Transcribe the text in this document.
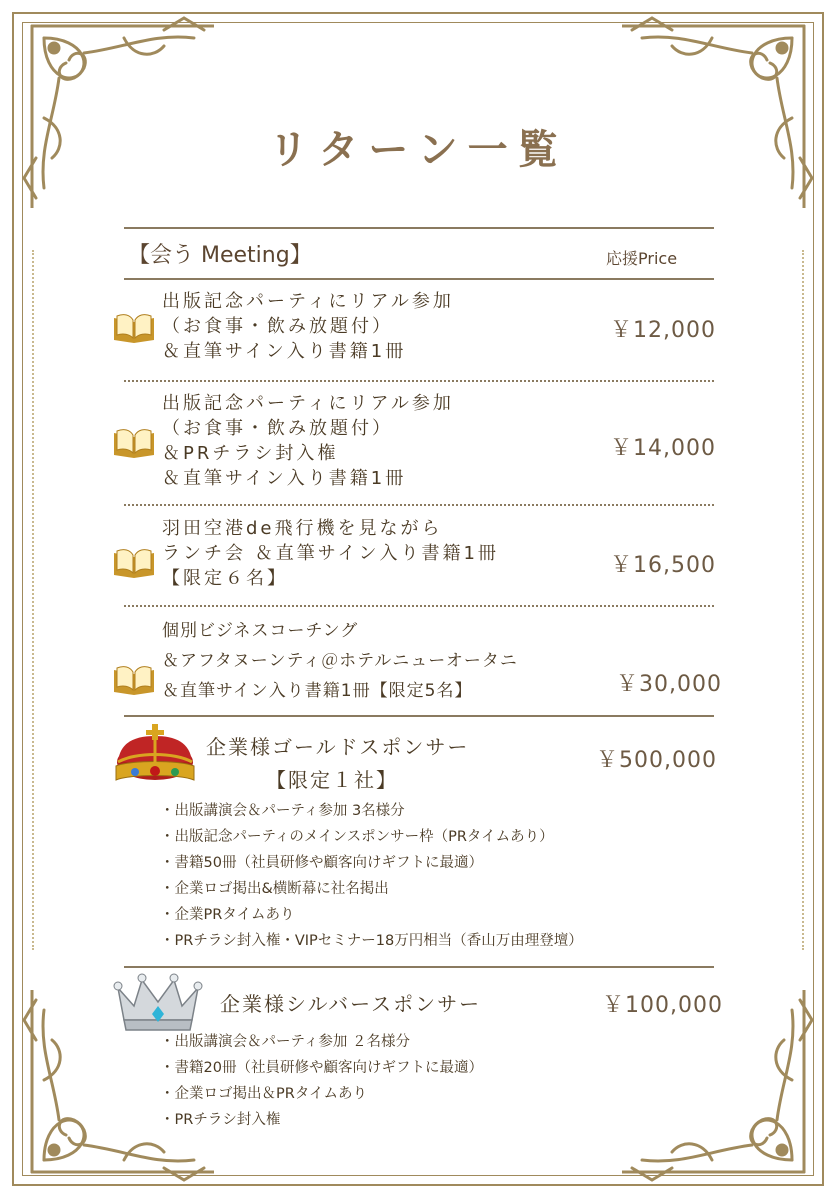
リターン一覧
【会う Meeting】	応援Price
出版記念パーティにリアル参加
（お食事・飲み放題付）
＆直筆サイン入り書籍1冊
￥12,000
出版記念パーティにリアル参加
（お食事・飲み放題付）
＆PRチラシ封入権
＆直筆サイン入り書籍1冊
￥14,000
羽田空港de飛行機を見ながら
ランチ会 ＆直筆サイン入り書籍1冊
【限定６名】
￥16,500
個別ビジネスコーチング
＆アフタヌーンティ＠ホテルニューオータニ
＆直筆サイン入り書籍1冊【限定5名】	￥30,000
企業様ゴールドスポンサー
【限定１社】
￥500,000
・出版講演会＆パーティ参加 3名様分
・出版記念パーティのメインスポンサー枠（PRタイムあり）
・書籍50冊（社員研修や顧客向けギフトに最適）
・企業ロゴ掲出&横断幕に社名掲出
・企業PRタイムあり
・PRチラシ封入権・VIPセミナー18万円相当（香山万由理登壇）
企業様シルバースポンサー	￥100,000
・出版講演会＆パーティ参加 ２名様分
・書籍20冊（社員研修や顧客向けギフトに最適）
・企業ロゴ掲出＆PRタイムあり
・PRチラシ封入権
